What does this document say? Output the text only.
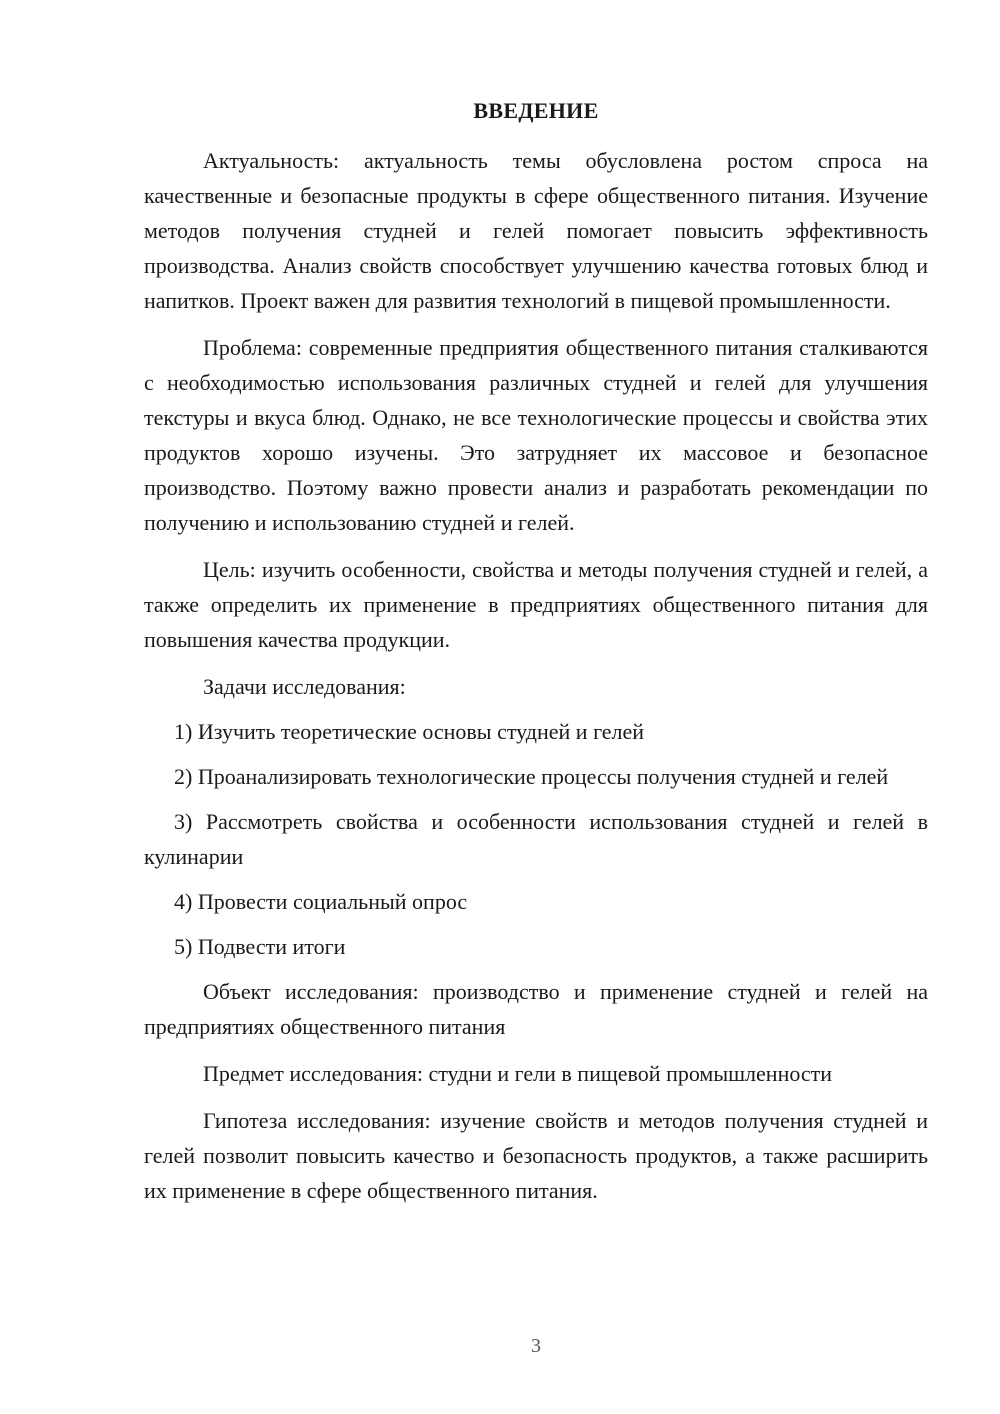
ВВЕДЕНИЕ

Актуальность: актуальность темы обусловлена ростом спроса на качественные и безопасные продукты в сфере общественного питания. Изучение методов получения студней и гелей помогает повысить эффективность производства. Анализ свойств способствует улучшению качества готовых блюд и напитков. Проект важен для развития технологий в пищевой промышленности.

Проблема: современные предприятия общественного питания сталкиваются с необходимостью использования различных студней и гелей для улучшения текстуры и вкуса блюд. Однако, не все технологические процессы и свойства этих продуктов хорошо изучены. Это затрудняет их массовое и безопасное производство. Поэтому важно провести анализ и разработать рекомендации по получению и использованию студней и гелей.

Цель: изучить особенности, свойства и методы получения студней и гелей, а также определить их применение в предприятиях общественного питания для повышения качества продукции.

Задачи исследования:

1) Изучить теоретические основы студней и гелей

2) Проанализировать технологические процессы получения студней и гелей

3) Рассмотреть свойства и особенности использования студней и гелей в кулинарии

4) Провести социальный опрос

5) Подвести итоги

Объект исследования: производство и применение студней и гелей на предприятиях общественного питания

Предмет исследования: студни и гели в пищевой промышленности

Гипотеза исследования: изучение свойств и методов получения студней и гелей позволит повысить качество и безопасность продуктов, а также расширить их применение в сфере общественного питания.

3
